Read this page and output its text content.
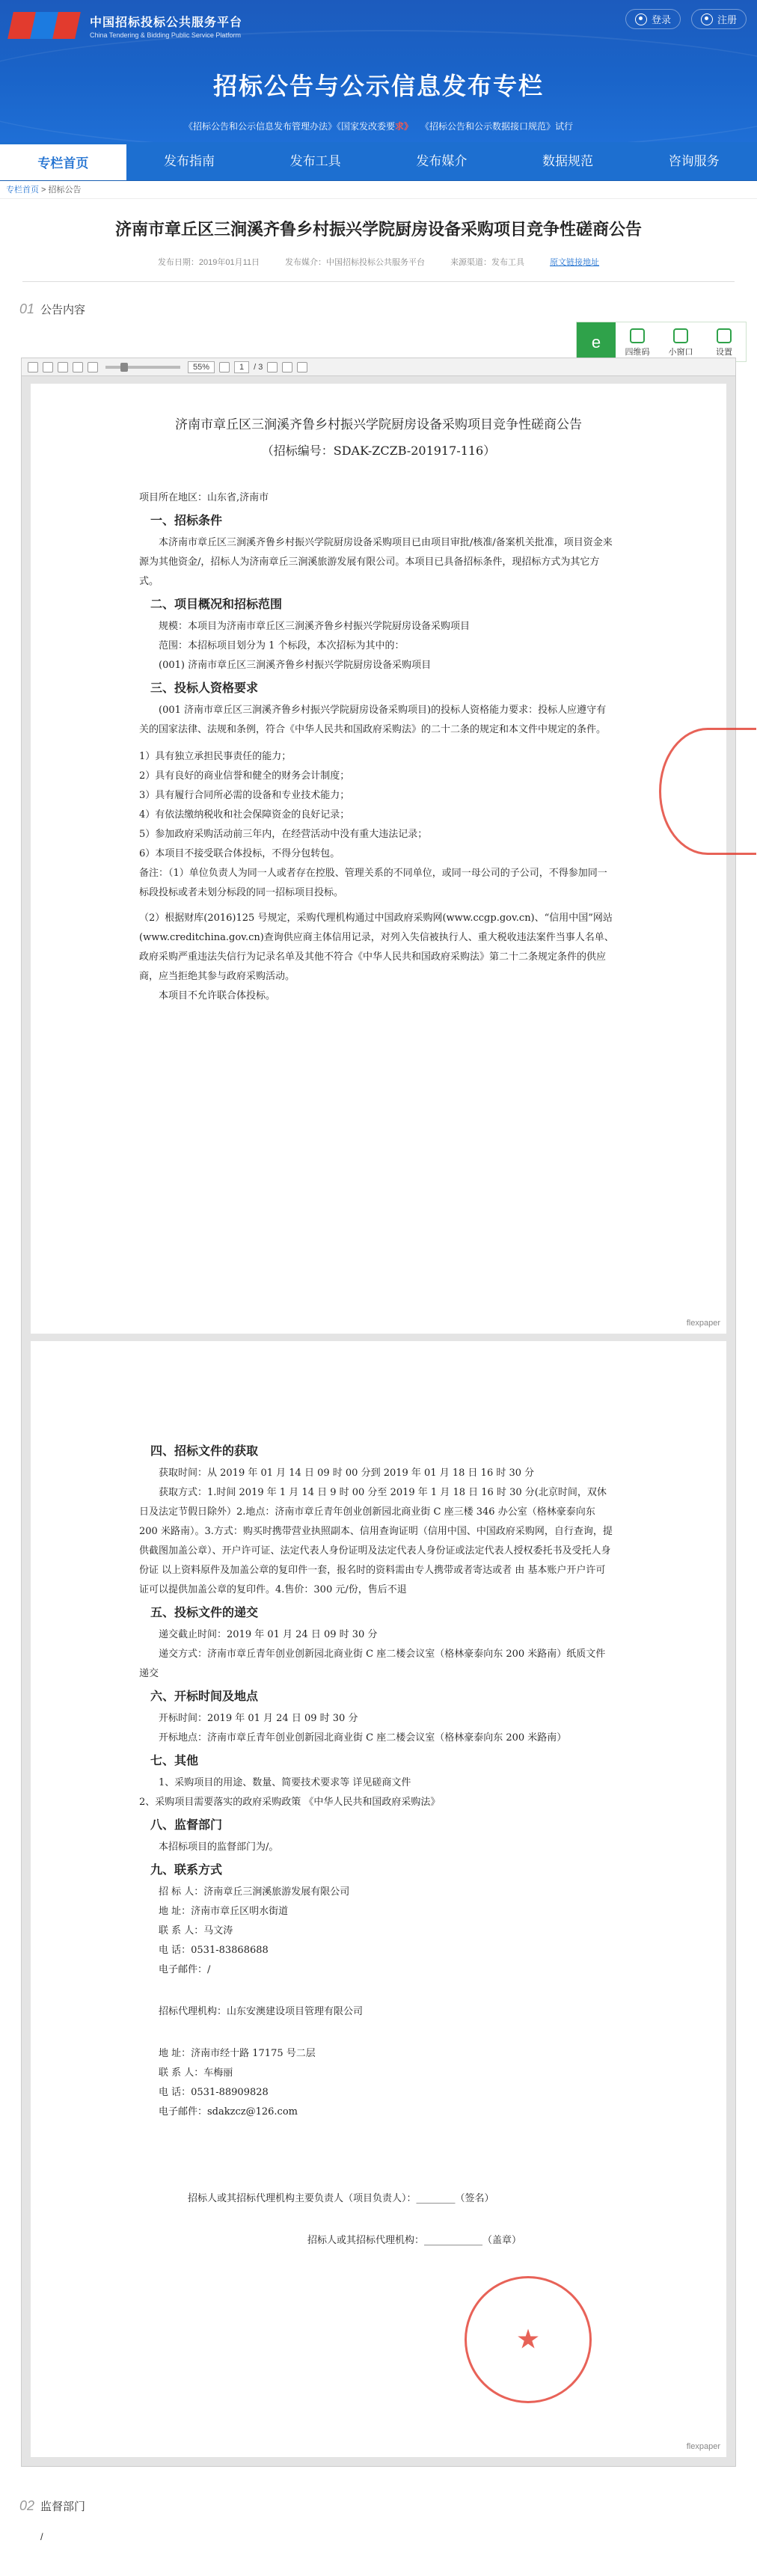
中国招标投标公共服务平台
China Tendering & Bidding Public Service Platform
登录	注册
招标公告与公示信息发布专栏
《招标公告和公示信息发布管理办法》《国家发改委要求》 《招标公告和公示数据接口规范》试行
专栏首页	发布指南	发布工具	发布媒介	数据规范	咨询服务
专栏首页 > 招标公告
济南市章丘区三涧溪齐鲁乡村振兴学院厨房设备采购项目竞争性磋商公告
发布日期：2019年01月11日	发布媒介：中国招标投标公共服务平台	来源渠道：发布工具	原文链接地址
01 公告内容
e
四维码	小窗口	设置
55%	1	/ 3
济南市章丘区三涧溪齐鲁乡村振兴学院厨房设备采购项目竞争性磋商公告
（招标编号：SDAK-ZCZB-201917-116）
项目所在地区：山东省,济南市
一、招标条件
本济南市章丘区三涧溪齐鲁乡村振兴学院厨房设备采购项目已由项目审批/核准/备案机关批准，项目资金来源为其他资金/，招标人为济南章丘三涧溪旅游发展有限公司。本项目已具备招标条件，现招标方式为其它方式。
二、项目概况和招标范围
规模：本项目为济南市章丘区三涧溪齐鲁乡村振兴学院厨房设备采购项目
范围：本招标项目划分为 1 个标段，本次招标为其中的：
(001) 济南市章丘区三涧溪齐鲁乡村振兴学院厨房设备采购项目
三、投标人资格要求
(001 济南市章丘区三涧溪齐鲁乡村振兴学院厨房设备采购项目)的投标人资格能力要求：投标人应遵守有关的国家法律、法规和条例，符合《中华人民共和国政府采购法》的二十二条的规定和本文件中规定的条件。
1）具有独立承担民事责任的能力；
2）具有良好的商业信誉和健全的财务会计制度；
3）具有履行合同所必需的设备和专业技术能力；
4）有依法缴纳税收和社会保障资金的良好记录；
5）参加政府采购活动前三年内，在经营活动中没有重大违法记录；
6）本项目不接受联合体投标，不得分包转包。
备注：（1）单位负责人为同一人或者存在控股、管理关系的不同单位，或同一母公司的子公司，不得参加同一标段投标或者未划分标段的同一招标项目投标。
（2）根据财库(2016)125 号规定，采购代理机构通过中国政府采购网(www.ccgp.gov.cn)、“信用中国”网站(www.creditchina.gov.cn)查询供应商主体信用记录，对列入失信被执行人、重大税收违法案件当事人名单、政府采购严重违法失信行为记录名单及其他不符合《中华人民共和国政府采购法》第二十二条规定条件的供应商，应当拒绝其参与政府采购活动。
本项目不允许联合体投标。
flexpaper
四、招标文件的获取
获取时间：从 2019 年 01 月 14 日 09 时 00 分到 2019 年 01 月 18 日 16 时 30 分
获取方式：1.时间 2019 年 1 月 14 日 9 时 00 分至 2019 年 1 月 18 日 16 时 30 分(北京时间，双休日及法定节假日除外）2.地点：济南市章丘青年创业创新园北商业街 C 座三楼 346 办公室（格林豪泰向东 200 米路南）。3.方式：购买时携带营业执照副本、信用查询证明（信用中国、中国政府采购网，自行查询，提供截图加盖公章）、开户许可证、法定代表人身份证明及法定代表人身份证或法定代表人授权委托书及受托人身份证 以上资料原件及加盖公章的复印件一套，报名时的资料需由专人携带或者寄达或者 由 基本账户开户许可证可以提供加盖公章的复印件。4.售价：300 元/份，售后不退
五、投标文件的递交
递交截止时间：2019 年 01 月 24 日 09 时 30 分
递交方式：济南市章丘青年创业创新园北商业街 C 座二楼会议室（格林豪泰向东 200 米路南）纸质文件递交
六、开标时间及地点
开标时间：2019 年 01 月 24 日 09 时 30 分
开标地点：济南市章丘青年创业创新园北商业街 C 座二楼会议室（格林豪泰向东 200 米路南）
七、其他
1、采购项目的用途、数量、简要技术要求等 详见磋商文件
2、采购项目需要落实的政府采购政策 《中华人民共和国政府采购法》
八、监督部门
本招标项目的监督部门为/。
九、联系方式
招 标 人：济南章丘三涧溪旅游发展有限公司
地 址：济南市章丘区明水街道
联 系 人：马文涛
电 话：0531-83868688
电子邮件：/
招标代理机构：山东安澳建设项目管理有限公司
地 址：济南市经十路 17175 号二层
联 系 人：车梅丽
电 话：0531-88909828
电子邮件：sdakzcz@126.com
招标人或其招标代理机构主要负责人（项目负责人）：________（签名）
招标人或其招标代理机构：____________（盖章）
★
flexpaper
02 监督部门
/
